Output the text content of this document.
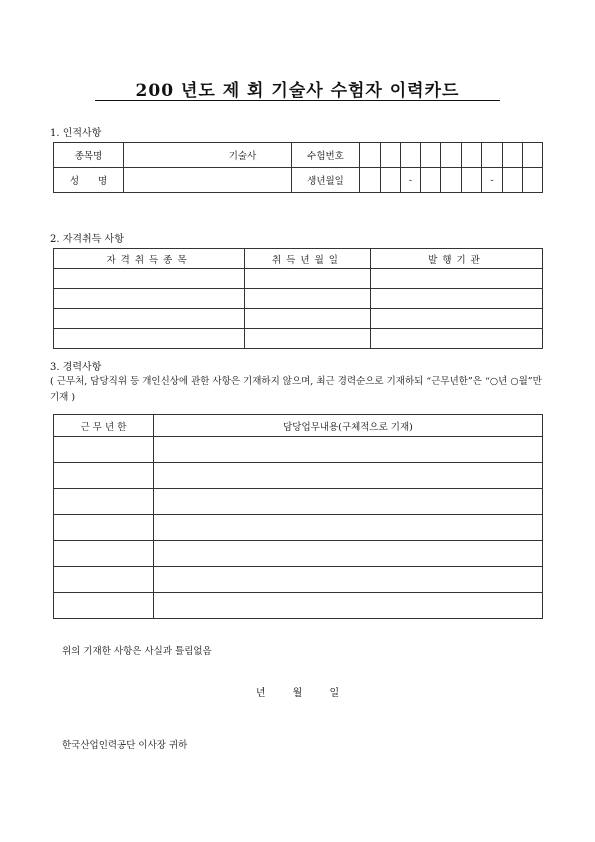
200 년도 제 회 기술사 수험자 이력카드
1. 인적사항
종목명	기술사	수험번호									
성　　명		생년월일			-				-		
2. 자격취득 사항
자격취득종목	취득년월일	발행기관

3. 경력사항
( 근무처, 담당직위 등 개인신상에 관한 사항은 기재하지 않으며, 최근 경력순으로 기재하되 “근무년한”은 “○년 ○월”만 기재 )
근 무 년 한	담당업무내용(구체적으로 기재)

위의 기재한 사항은 사실과 틀림없음
년 월 일
한국산업인력공단 이사장 귀하
